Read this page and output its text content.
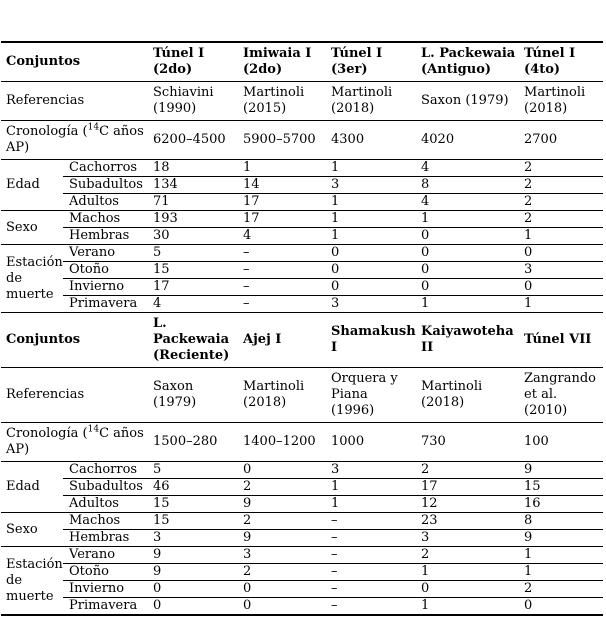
Conjuntos		Túnel I (2do)	Imiwaia I (2do)	Túnel I (3er)	L. Packewaia (Antiguo)	Túnel I (4to)
Referencias		Schiavini (1990)	Martinoli (2015)	Martinoli (2018)	Saxon (1979)	Martinoli (2018)
Cronología ($^{14}$C años AP)		6200–4500	5900–5700	4300	4020	2700
Edad	Cachorros	18	1	1	4	2
	Subadultos	134	14	3	8	2
	Adultos	71	17	1	4	2
Sexo	Machos	193	17	1	1	2
	Hembras	30	4	1	0	1
Estación de muerte	Verano	5	–	0	0	0
	Otoño	15	–	0	0	3
	Invierno	17	–	0	0	0
	Primavera	4	–	3	1	1
Conjuntos		L. Packewaia (Reciente)	Ajej I	Shamakush I	Kaiyawoteha II	Túnel VII
Referencias		Saxon (1979)	Martinoli (2018)	Orquera y Piana (1996)	Martinoli (2018)	Zangrando et al. (2010)
Cronología ($^{14}$C años AP)		1500–280	1400–1200	1000	730	100
Edad	Cachorros	5	0	3	2	9
	Subadultos	46	2	1	17	15
	Adultos	15	9	1	12	16
Sexo	Machos	15	2	–	23	8
	Hembras	3	9	–	3	9
Estación de muerte	Verano	9	3	–	2	1
	Otoño	9	2	–	1	1
	Invierno	0	0	–	0	2
	Primavera	0	0	–	1	0
